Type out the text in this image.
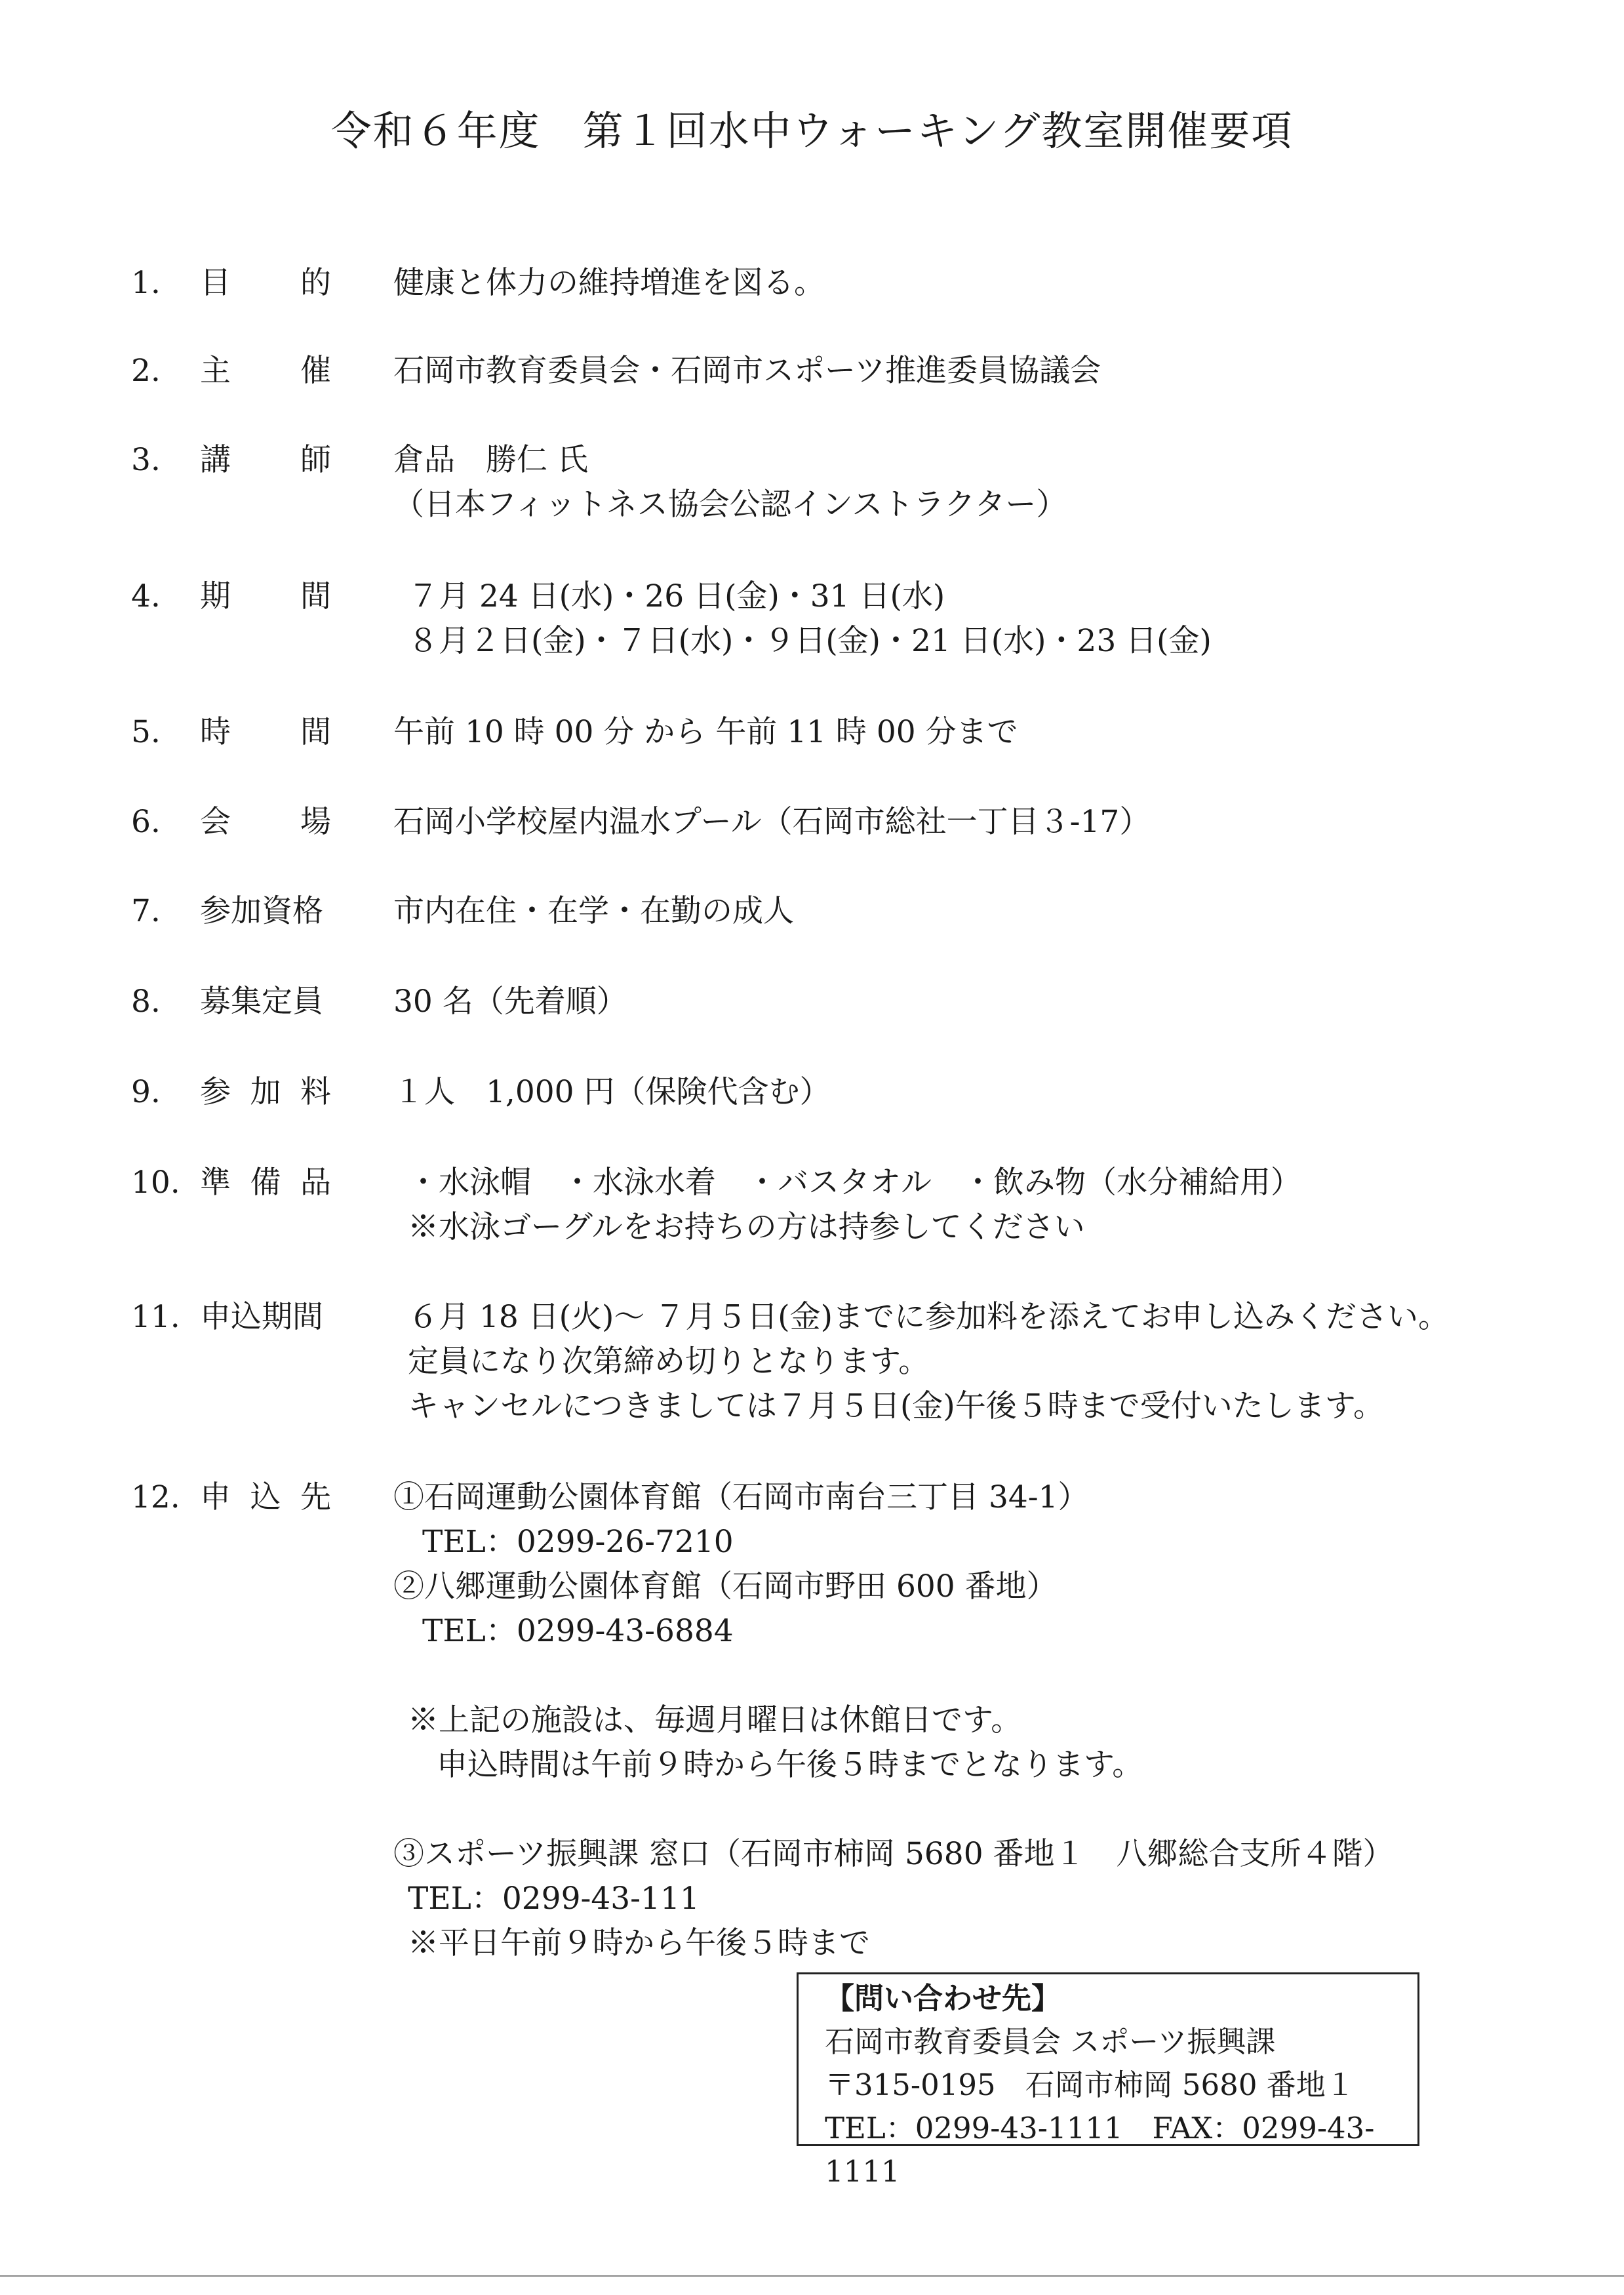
令和６年度　第１回水中ウォーキング教室開催要項
1.	目 的 健康と体力の維持増進を図る。
2.	主 催 石岡市教育委員会・石岡市スポーツ推進委員協議会
3.	講 師 倉品　勝仁 氏
（日本フィットネス協会公認インストラクター）
4.	期 間	７月 24 日(水)・26 日(金)・31 日(水)
８月２日(金)・７日(水)・９日(金)・21 日(水)・23 日(金)
5.	時 間 午前 10 時 00 分 から 午前 11 時 00 分まで
6.	会 場 石岡小学校屋内温水プール（石岡市総社一丁目３-17）
7.	参加資格 市内在住・在学・在勤の成人
8.	募集定員 30 名（先着順）
9.	参 加 料 １人　1,000 円（保険代含む）
10. 準 備 品	・水泳帽　・水泳水着　・バスタオル　・飲み物（水分補給用）
※水泳ゴーグルをお持ちの方は持参してください
11. 申込期間	６月 18 日(火)～ ７月５日(金)までに参加料を添えてお申し込みください。
定員になり次第締め切りとなります。
キャンセルにつきましては７月５日(金)午後５時まで受付いたします。
12. 申 込 先 ①石岡運動公園体育館（石岡市南台三丁目 34-1）
TEL：0299-26-7210
②八郷運動公園体育館（石岡市野田 600 番地）
TEL：0299-43-6884
※上記の施設は、毎週月曜日は休館日です。
申込時間は午前９時から午後５時までとなります。
③スポーツ振興課 窓口（石岡市柿岡 5680 番地１　八郷総合支所４階）
TEL：0299-43-111
※平日午前９時から午後５時まで
【問い合わせ先】
石岡市教育委員会 スポーツ振興課
〒315-0195　石岡市柿岡 5680 番地１
TEL：0299-43-1111　FAX：0299-43-1111
